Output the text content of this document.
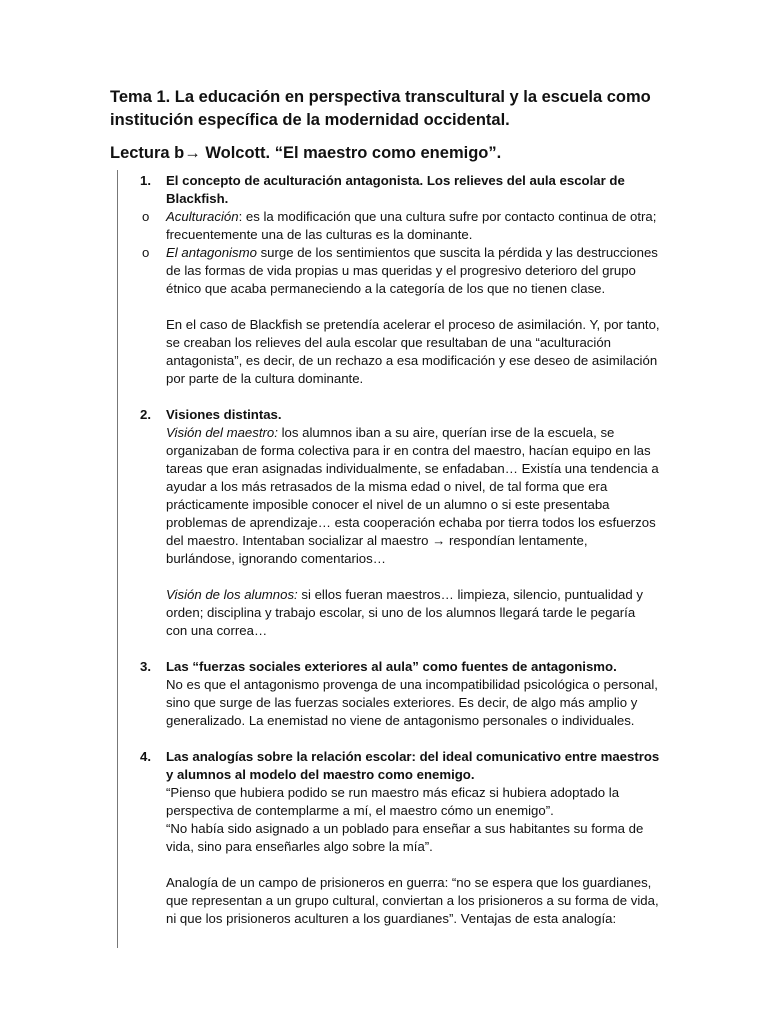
Tema 1. La educación en perspectiva transcultural y la escuela como institución específica de la modernidad occidental.
Lectura b→ Wolcott. “El maestro como enemigo”.
1. El concepto de aculturación antagonista. Los relieves del aula escolar de Blackfish.
o Aculturación: es la modificación que una cultura sufre por contacto continua de otra; frecuentemente una de las culturas es la dominante.
o El antagonismo surge de los sentimientos que suscita la pérdida y las destrucciones de las formas de vida propias u mas queridas y el progresivo deterioro del grupo étnico que acaba permaneciendo a la categoría de los que no tienen clase.
En el caso de Blackfish se pretendía acelerar el proceso de asimilación. Y, por tanto, se creaban los relieves del aula escolar que resultaban de una “aculturación antagonista”, es decir, de un rechazo a esa modificación y ese deseo de asimilación por parte de la cultura dominante.
2. Visiones distintas.
Visión del maestro: los alumnos iban a su aire, querían irse de la escuela, se organizaban de forma colectiva para ir en contra del maestro, hacían equipo en las tareas que eran asignadas individualmente, se enfadaban… Existía una tendencia a ayudar a los más retrasados de la misma edad o nivel, de tal forma que era prácticamente imposible conocer el nivel de un alumno o si este presentaba problemas de aprendizaje… esta cooperación echaba por tierra todos los esfuerzos del maestro. Intentaban socializar al maestro → respondían lentamente, burlándose, ignorando comentarios…
Visión de los alumnos: si ellos fueran maestros… limpieza, silencio, puntualidad y orden; disciplina y trabajo escolar, si uno de los alumnos llegará tarde le pegaría con una correa…
3. Las “fuerzas sociales exteriores al aula” como fuentes de antagonismo.
No es que el antagonismo provenga de una incompatibilidad psicológica o personal, sino que surge de las fuerzas sociales exteriores. Es decir, de algo más amplio y generalizado. La enemistad no viene de antagonismo personales o individuales.
4. Las analogías sobre la relación escolar: del ideal comunicativo entre maestros y alumnos al modelo del maestro como enemigo.
“Pienso que hubiera podido se run maestro más eficaz si hubiera adoptado la perspectiva de contemplarme a mí, el maestro cómo un enemigo”.
“No había sido asignado a un poblado para enseñar a sus habitantes su forma de vida, sino para enseñarles algo sobre la mía”.
Analogía de un campo de prisioneros en guerra: “no se espera que los guardianes, que representan a un grupo cultural, conviertan a los prisioneros a su forma de vida, ni que los prisioneros aculturen a los guardianes”. Ventajas de esta analogía:
